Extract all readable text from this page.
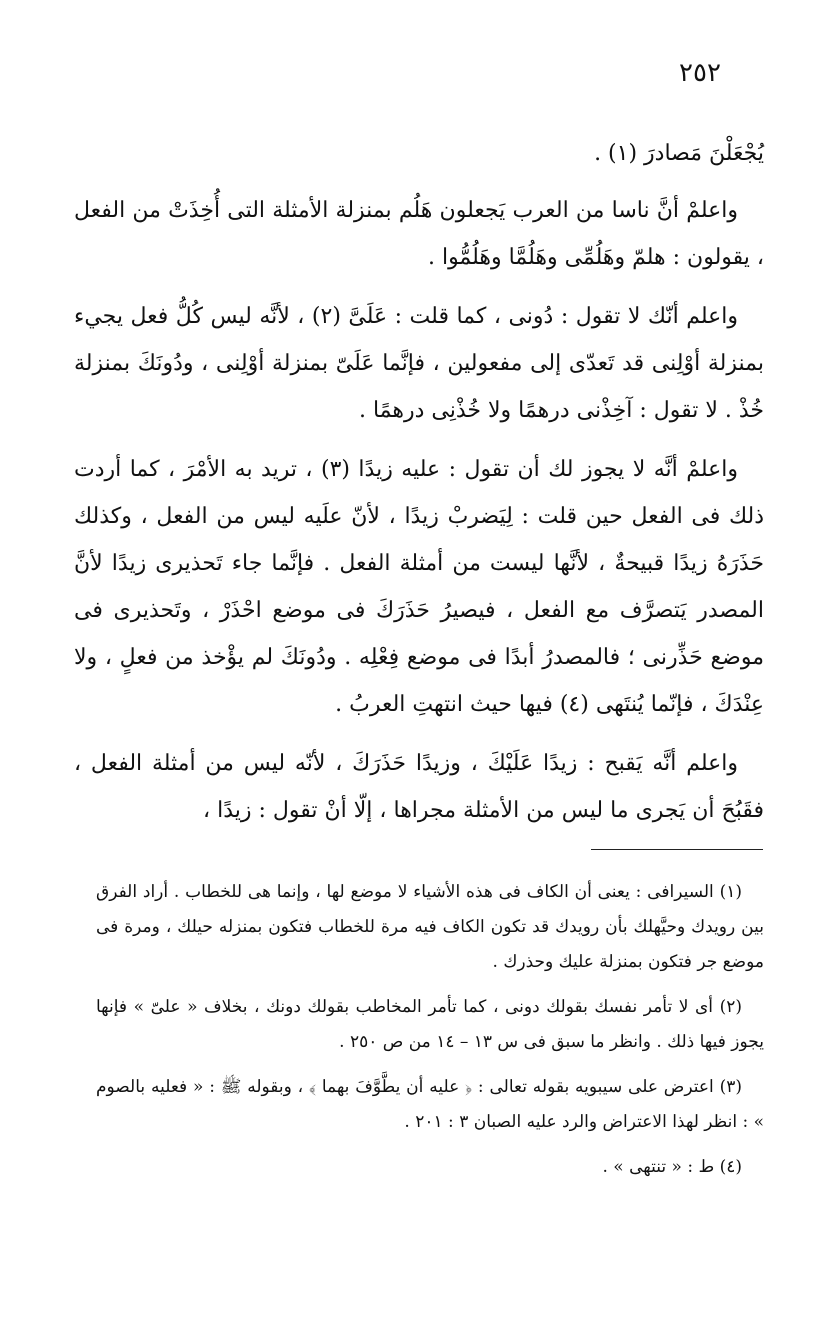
٢٥٢

يُجْعَلْنَ مَصادرَ (١) .

واعلمْ أنَّ ناسا من العرب يَجعلون هَلُم بمنزلة الأمثلة التى أُخِذَتْ من الفعل ، يقولون : هلمّ وهَلُمِّى وهَلُمَّا وهَلُمُّوا .

واعلم أنّك لا تقول : دُونى ، كما قلت : عَلَىَّ (٢) ، لأنَّه ليس كُلُّ فعل يجيء بمنزلة أوْلِنى قد تَعدّى إلى مفعولين ، فإنَّما عَلَىّ بمنزلة أوْلِنى ، ودُونَكَ بمنزلة خُذْ . لا تقول : آخِذْنى درهمًا ولا خُذْنِى درهمًا .

واعلمْ أنَّه لا يجوز لك أن تقول : عليه زيدًا (٣) ، تريد به الأمْرَ ، كما أردت ذلك فى الفعل حين قلت : لِيَضربْ زيدًا ، لأنّ علَيه ليس من الفعل ، وكذلك حَذَرَهُ زيدًا قبيحةٌ ، لأنَّها ليست من أمثلة الفعل . فإنَّما جاء تَحذيرى زيدًا لأنَّ المصدر يَتصرَّف مع الفعل ، فيصيرُ حَذَرَكَ فى موضع احْذَرْ ، وتَحذيرى فى موضع حَذِّرنى ؛ فالمصدرُ أبدًا فى موضع فِعْلِه . ودُونَكَ لم يؤْخذ من فعلٍ ، ولا عِنْدَكَ ، فإنّما يُنتَهى (٤) فيها حيث انتهتِ العربُ .

واعلم أنَّه يَقبح : زيدًا عَلَيْكَ ، وزيدًا حَذَرَكَ ، لأنّه ليس من أمثلة الفعل ، فقَبُحَ أن يَجرى ما ليس من الأمثلة مجراها ، إلّا أنْ تقول : زيدًا ،

(١) السيرافى : يعنى أن الكاف فى هذه الأشياء لا موضع لها ، وإنما هى للخطاب . أراد الفرق بين رويدك وحيَّهلك بأن رويدك قد تكون الكاف فيه مرة للخطاب فتكون بمنزله حيلك ، ومرة فى موضع جر فتكون بمنزلة عليك وحذرك .

(٢) أى لا تأمر نفسك بقولك دونى ، كما تأمر المخاطب بقولك دونك ، بخلاف « علىّ » فإنها يجوز فيها ذلك . وانظر ما سبق فى س ١٣ – ١٤ من ص ٢٥٠ .

(٣) اعترض على سيبويه بقوله تعالى : ﴿ عليه أن يطَّوَّفَ بهما ﴾ ، وبقوله ﷺ : « فعليه بالصوم » : انظر لهذا الاعتراض والرد عليه الصبان ٣ : ٢٠١ .

(٤) ط : « تنتهى » .
